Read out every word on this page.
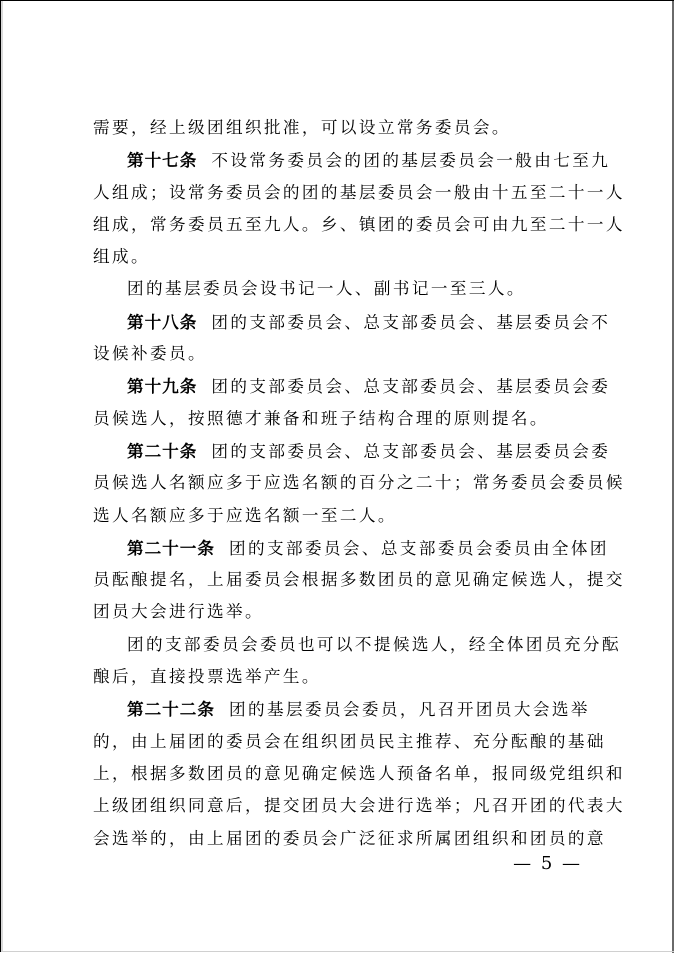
需要，经上级团组织批准，可以设立常务委员会。
第十七条 不设常务委员会的团的基层委员会一般由七至九
人组成；设常务委员会的团的基层委员会一般由十五至二十一人
组成，常务委员五至九人。乡、镇团的委员会可由九至二十一人
组成。
团的基层委员会设书记一人、副书记一至三人。
第十八条 团的支部委员会、总支部委员会、基层委员会不
设候补委员。
第十九条 团的支部委员会、总支部委员会、基层委员会委
员候选人，按照德才兼备和班子结构合理的原则提名。
第二十条 团的支部委员会、总支部委员会、基层委员会委
员候选人名额应多于应选名额的百分之二十；常务委员会委员候
选人名额应多于应选名额一至二人。
第二十一条 团的支部委员会、总支部委员会委员由全体团
员酝酿提名，上届委员会根据多数团员的意见确定候选人，提交
团员大会进行选举。
团的支部委员会委员也可以不提候选人，经全体团员充分酝
酿后，直接投票选举产生。
第二十二条 团的基层委员会委员，凡召开团员大会选举
的，由上届团的委员会在组织团员民主推荐、充分酝酿的基础
上，根据多数团员的意见确定候选人预备名单，报同级党组织和
上级团组织同意后，提交团员大会进行选举；凡召开团的代表大
会选举的，由上届团的委员会广泛征求所属团组织和团员的意
— 5 —
